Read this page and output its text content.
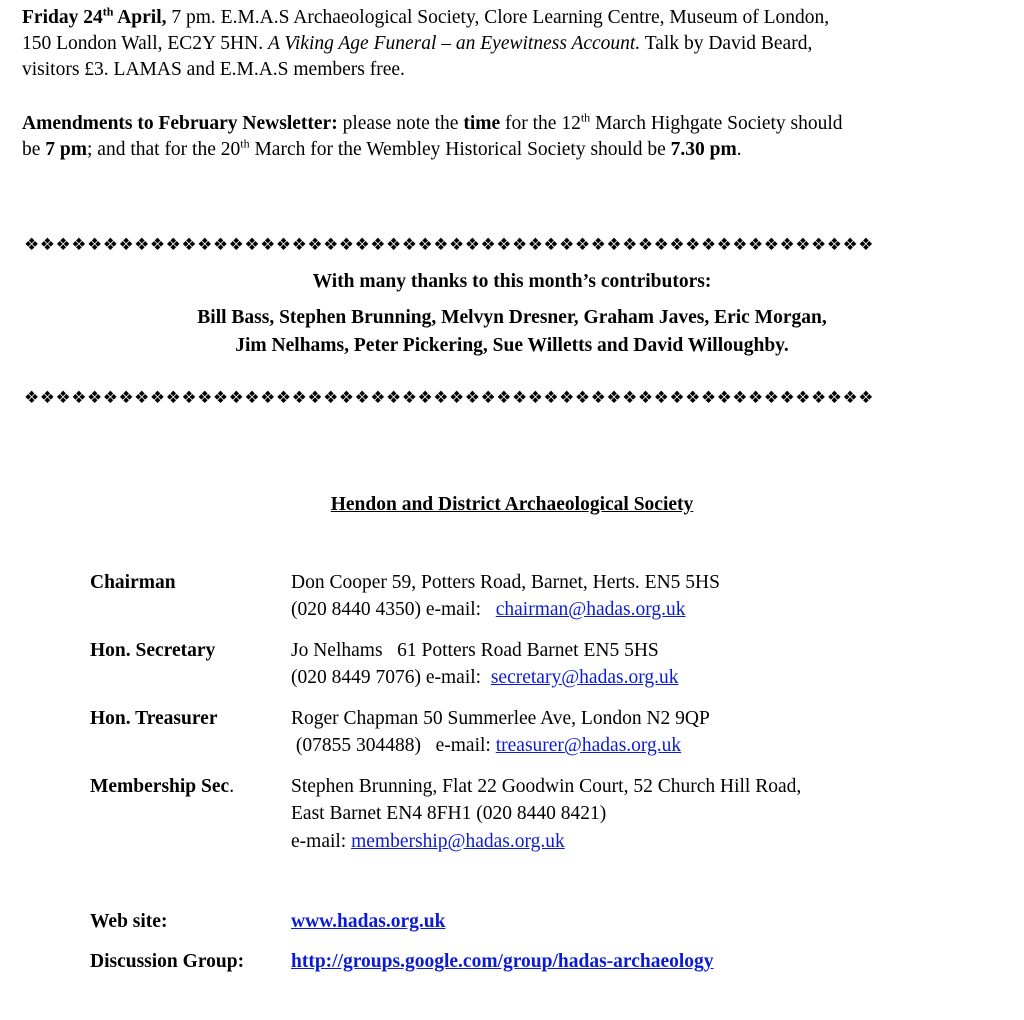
Friday 24th April, 7 pm. E.M.A.S Archaeological Society, Clore Learning Centre, Museum of London,

150 London Wall, EC2Y 5HN. A Viking Age Funeral – an Eyewitness Account. Talk by David Beard,

visitors £3. LAMAS and E.M.A.S members free.

Amendments to February Newsletter: please note the time for the 12th March Highgate Society should

be 7 pm; and that for the 20th March for the Wembley Historical Society should be 7.30 pm.

❖❖❖❖❖❖❖❖❖❖❖❖❖❖❖❖❖❖❖❖❖❖❖❖❖❖❖❖❖❖❖❖❖❖❖❖❖❖❖❖❖❖❖❖❖❖❖❖❖❖❖❖❖❖
With many thanks to this month’s contributors:
Bill Bass, Stephen Brunning, Melvyn Dresner, Graham Javes, Eric Morgan,
Jim Nelhams, Peter Pickering, Sue Willetts and David Willoughby.
❖❖❖❖❖❖❖❖❖❖❖❖❖❖❖❖❖❖❖❖❖❖❖❖❖❖❖❖❖❖❖❖❖❖❖❖❖❖❖❖❖❖❖❖❖❖❖❖❖❖❖❖❖❖
Hendon and District Archaeological Society
Chairman	Don Cooper 59, Potters Road, Barnet, Herts. EN5 5HS
(020 8440 4350) e-mail:   chairman@hadas.org.uk
Hon. Secretary	Jo Nelhams   61 Potters Road Barnet EN5 5HS
(020 8449 7076) e-mail:  secretary@hadas.org.uk
Hon. Treasurer	Roger Chapman 50 Summerlee Ave, London N2 9QP
(07855 304488)   e-mail: treasurer@hadas.org.uk
Membership Sec.	Stephen Brunning, Flat 22 Goodwin Court, 52 Church Hill Road,
East Barnet EN4 8FH1 (020 8440 8421)
e-mail: membership@hadas.org.uk
Web site:	www.hadas.org.uk
Discussion Group: http://groups.google.com/group/hadas-archaeology
